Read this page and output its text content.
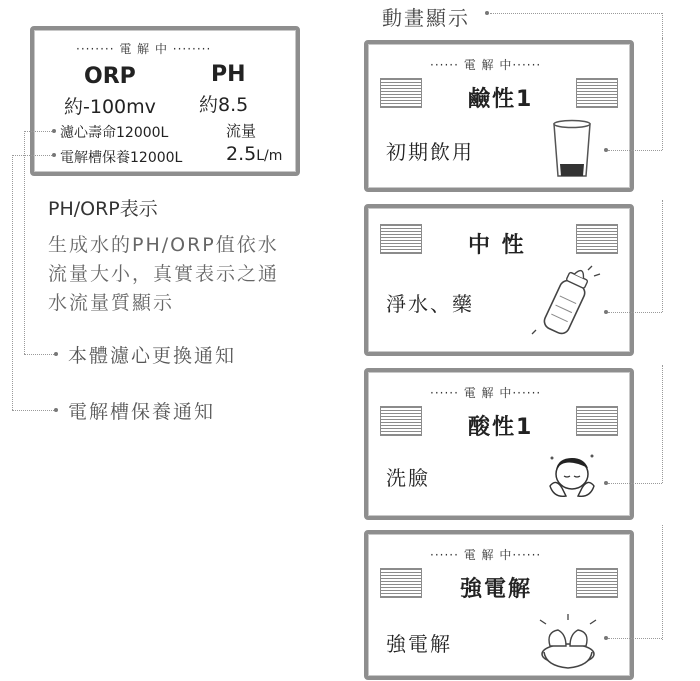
動畫顯示
········ 電 解 中 ········
ORP	PH
約-100mv 約8.5
濾心壽命12000L	流量
電解槽保養12000L 2.5L/m
PH/ORP表示
生成水的PH/ORP值依水
流量大小，真實表示之通
水流量質顯示
本體濾心更換通知
電解槽保養通知
······ 電 解 中······
鹼性1
初期飲用
中 性
淨水、藥
······ 電 解 中······
酸性1
洗臉
······ 電 解 中······
強電解
強電解
